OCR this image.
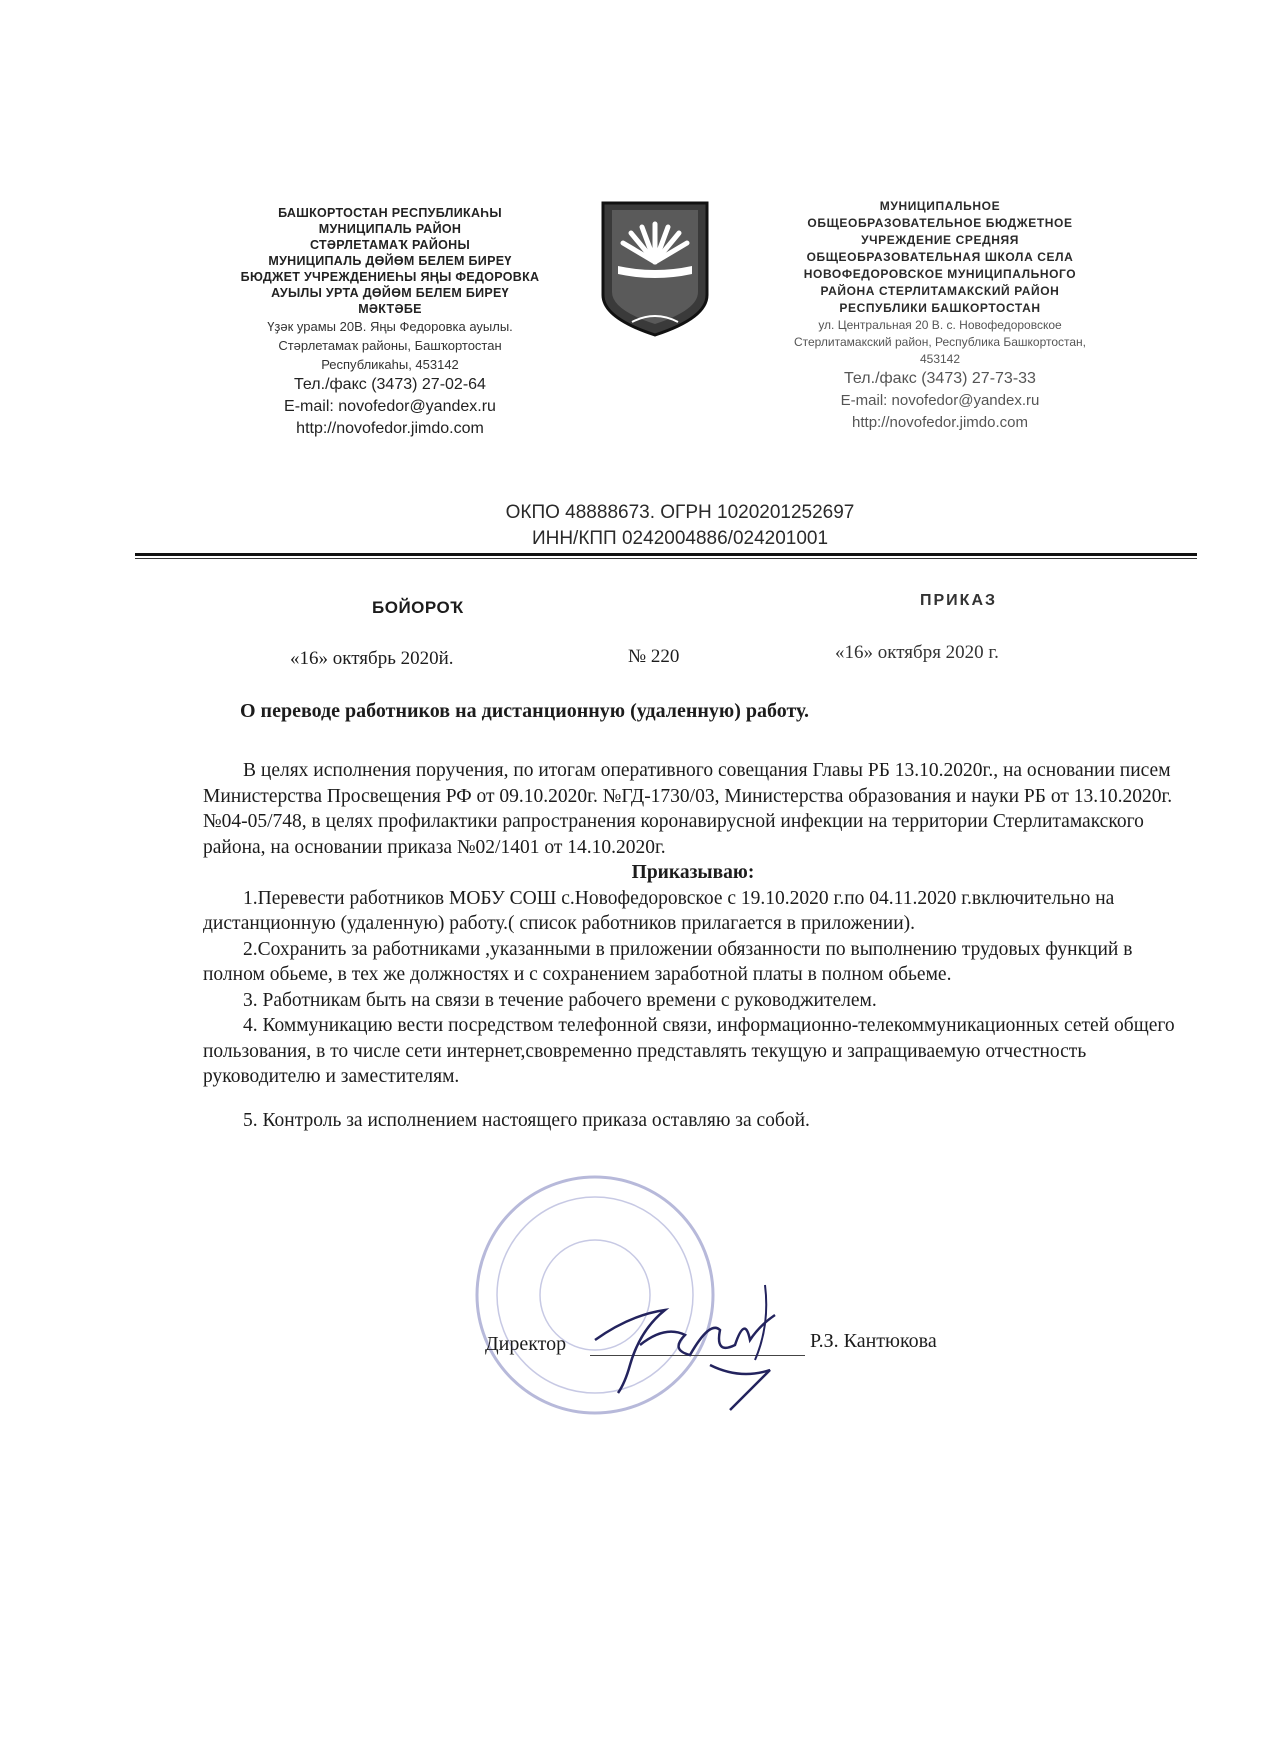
БАШКОРТОСТАН РЕСПУБЛИКАҺЫ
МУНИЦИПАЛЬ РАЙОН
СТӘРЛЕТАМАҠ РАЙОНЫ
МУНИЦИПАЛЬ ДӨЙӨМ БЕЛЕМ БИРЕҮ
БЮДЖЕТ УЧРЕЖДЕНИЕҺЫ ЯҢЫ ФЕДОРОВКА
АУЫЛЫ УРТА ДӨЙӨМ БЕЛЕМ БИРЕҮ
МӘКТӘБЕ
Үҙәк урамы 20В. Яңы Федоровка ауылы.
Стәрлетамаҡ районы, Башҡортостан
Республикаһы, 453142
Тел./факс (3473) 27-02-64
E-mail: novofedor@yandex.ru
http://novofedor.jimdo.com
МУНИЦИПАЛЬНОЕ
ОБЩЕОБРАЗОВАТЕЛЬНОЕ БЮДЖЕТНОЕ
УЧРЕЖДЕНИЕ СРЕДНЯЯ
ОБЩЕОБРАЗОВАТЕЛЬНАЯ ШКОЛА СЕЛА
НОВОФЕДОРОВСКОЕ МУНИЦИПАЛЬНОГО
РАЙОНА СТЕРЛИТАМАКСКИЙ РАЙОН
РЕСПУБЛИКИ БАШКОРТОСТАН
ул. Центральная 20 В. с. Новофедоровское
Стерлитамакский район, Республика Башкортостан,
453142
Тел./факс (3473) 27-73-33
E-mail: novofedor@yandex.ru
http://novofedor.jimdo.com
ОКПО 48888673. ОГРН 1020201252697
ИНН/КПП 0242004886/024201001
БОЙОРОҠ	ПРИКАЗ
«16» октябрь 2020й.	№ 220	«16» октября 2020 г.
О переводе работников на дистанционную (удаленную) работу.

В целях исполнения поручения, по итогам оперативного совещания Главы РБ 13.10.2020г., на основании писем Министерства Просвещения РФ от 09.10.2020г. №ГД-1730/03, Министерства образования и науки РБ от 13.10.2020г. №04-05/748, в целях профилактики рапространения коронавирусной инфекции на территории Стерлитамакского района, на основании приказа №02/1401 от 14.10.2020г.

Приказываю:

1.Перевести работников МОБУ СОШ с.Новофедоровское с 19.10.2020 г.по 04.11.2020 г.включительно на дистанционную (удаленную) работу.( список работников прилагается в приложении).

2.Сохранить за работниками ,указанными в приложении обязанности по выполнению трудовых функций в полном обьеме, в тех же должностях и с сохранением заработной платы в полном обьеме.

3. Работникам быть на связи в течение рабочего времени с руководжителем.

4. Коммуникацию вести посредством телефонной связи, информационно-телекоммуникационных сетей общего пользования, в то числе сети интернет,свовременно представлять текущую и запращиваемую отчестность руководителю и заместителям.

5. Контроль за исполнением настоящего приказа оставляю за собой.

Директор	Р.З. Кантюкова
